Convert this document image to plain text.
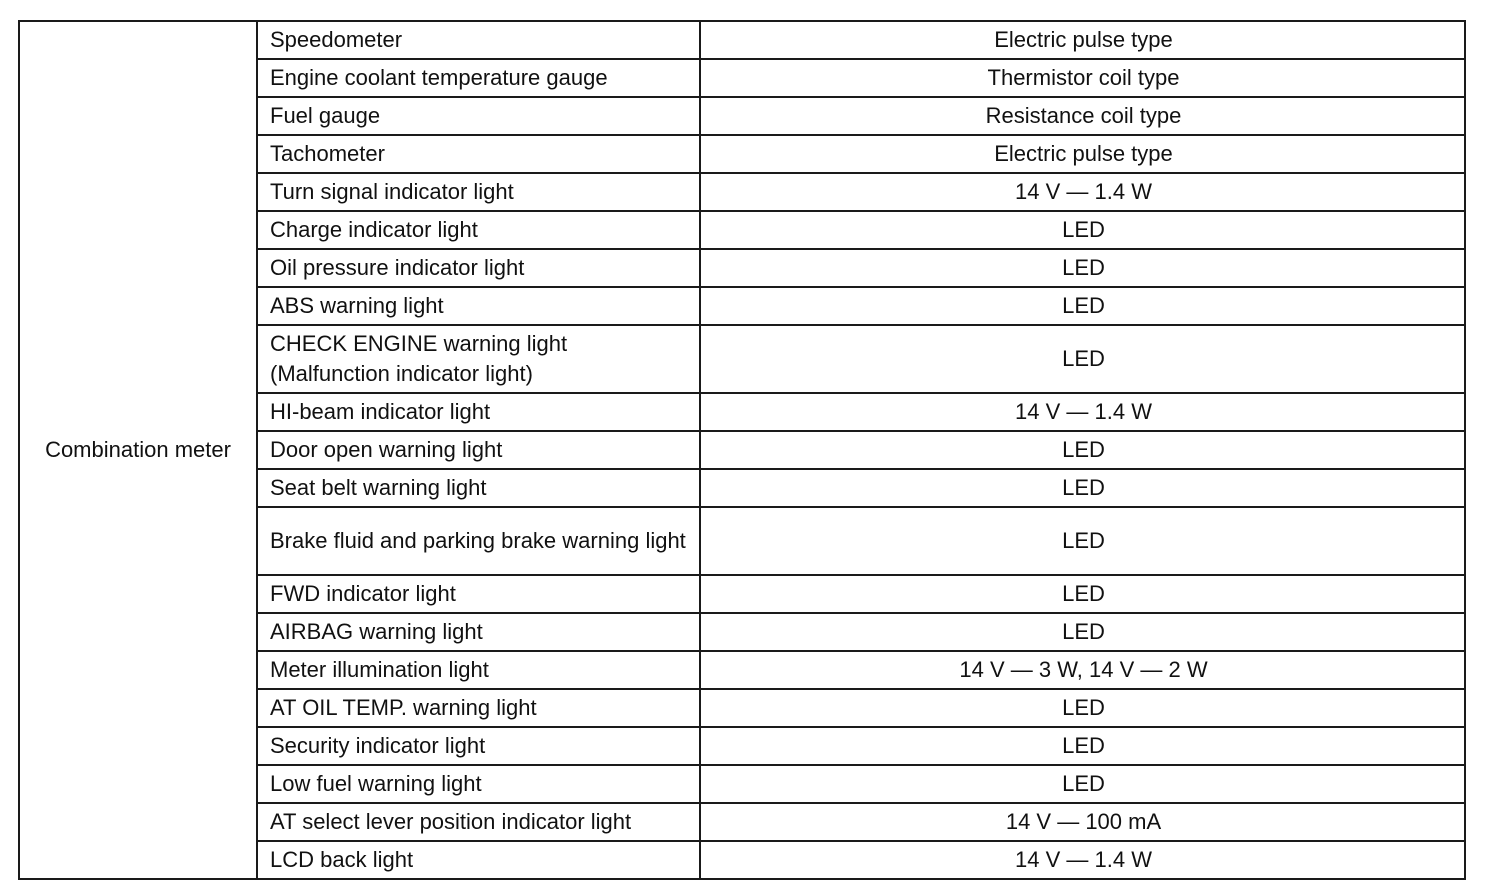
Combination meter	Speedometer	Electric pulse type
	Engine coolant temperature gauge	Thermistor coil type
	Fuel gauge	Resistance coil type
	Tachometer	Electric pulse type
	Turn signal indicator light	14 V — 1.4 W
	Charge indicator light	LED
	Oil pressure indicator light	LED
	ABS warning light	LED
	CHECK ENGINE warning light (Malfunction indicator light)	LED
	HI-beam indicator light	14 V — 1.4 W
	Door open warning light	LED
	Seat belt warning light	LED
	Brake fluid and parking brake warning light	LED
	FWD indicator light	LED
	AIRBAG warning light	LED
	Meter illumination light	14 V — 3 W, 14 V — 2 W
	AT OIL TEMP. warning light	LED
	Security indicator light	LED
	Low fuel warning light	LED
	AT select lever position indicator light	14 V — 100 mA
	LCD back light	14 V — 1.4 W
